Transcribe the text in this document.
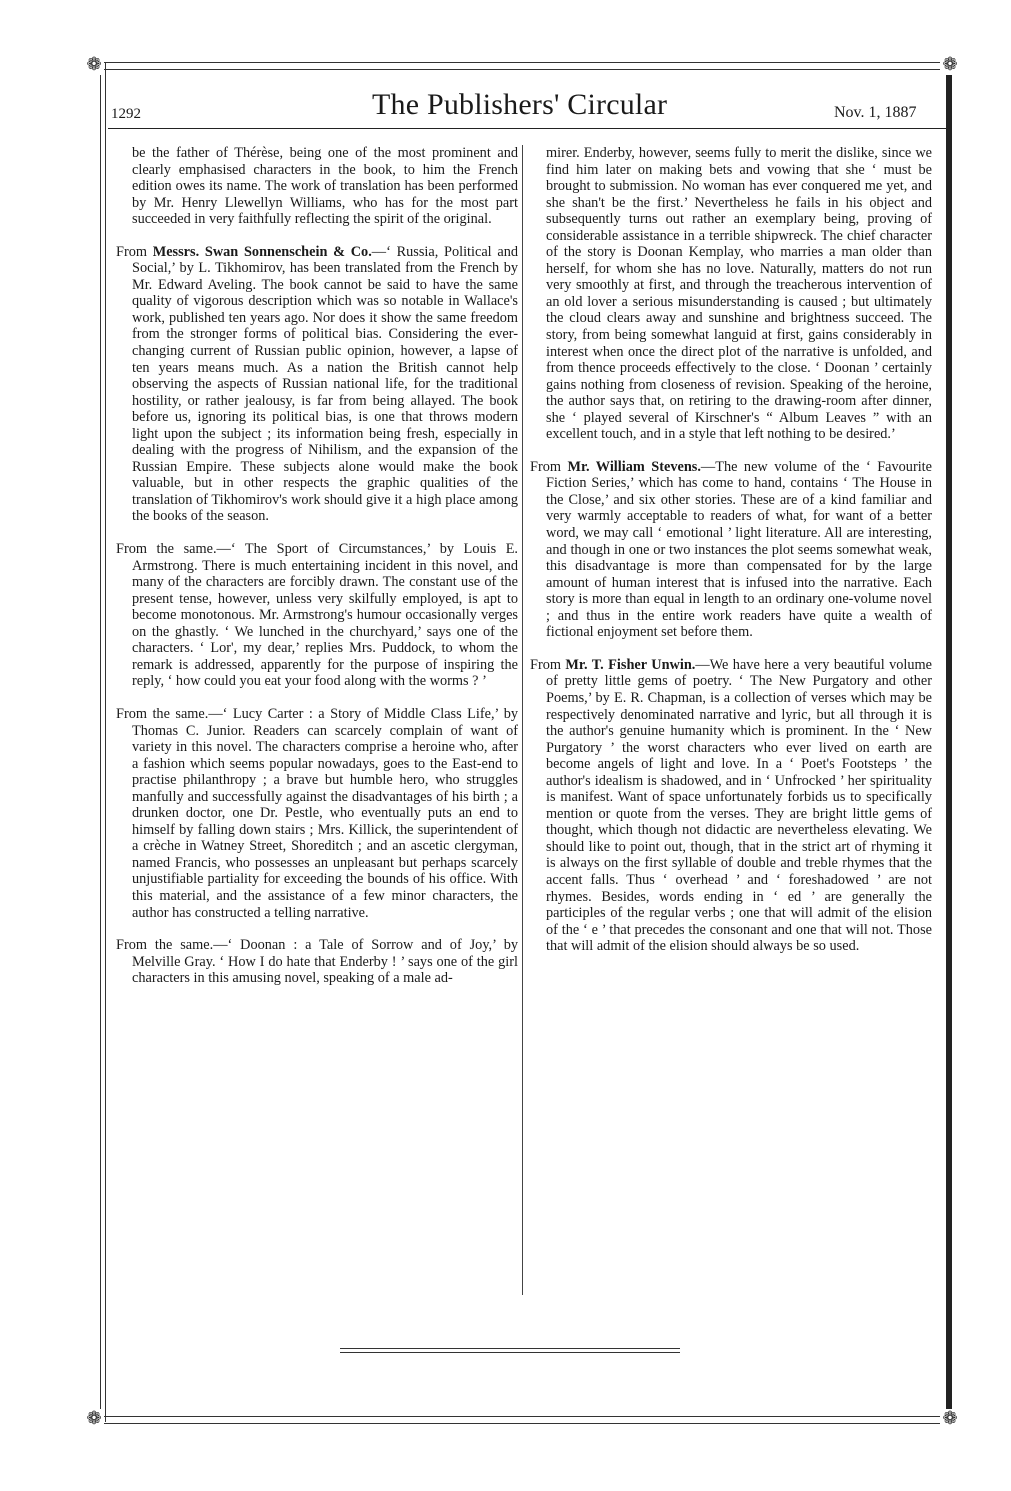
❁	❁
❁	❁
1292	The Publishers' Circular	Nov. 1, 1887

be the father of Thérèse, being one of the most prominent and clearly emphasised characters in the book, to him the French edition owes its name. The work of translation has been performed by Mr. Henry Llewellyn Williams, who has for the most part succeeded in very faithfully reflecting the spirit of the original.

From Messrs. Swan Sonnenschein & Co.—‘ Russia, Political and Social,’ by L. Tikhomirov, has been translated from the French by Mr. Edward Aveling. The book cannot be said to have the same quality of vigorous description which was so notable in Wallace's work, published ten years ago. Nor does it show the same freedom from the stronger forms of political bias. Considering the ever-changing current of Russian public opinion, however, a lapse of ten years means much. As a nation the British cannot help observing the aspects of Russian national life, for the traditional hostility, or rather jealousy, is far from being allayed. The book before us, ignoring its political bias, is one that throws modern light upon the subject ; its information being fresh, especially in dealing with the progress of Nihilism, and the expansion of the Russian Empire. These subjects alone would make the book valuable, but in other respects the graphic qualities of the translation of Tikhomirov's work should give it a high place among the books of the season.

From the same.—‘ The Sport of Circumstances,’ by Louis E. Armstrong. There is much entertaining incident in this novel, and many of the characters are forcibly drawn. The constant use of the present tense, however, unless very skilfully employed, is apt to become monotonous. Mr. Armstrong's humour occasionally verges on the ghastly. ‘ We lunched in the churchyard,’ says one of the characters. ‘ Lor', my dear,’ replies Mrs. Puddock, to whom the remark is addressed, apparently for the purpose of inspiring the reply, ‘ how could you eat your food along with the worms ? ’

From the same.—‘ Lucy Carter : a Story of Middle Class Life,’ by Thomas C. Junior. Readers can scarcely complain of want of variety in this novel. The characters comprise a heroine who, after a fashion which seems popular nowadays, goes to the East-end to practise philanthropy ; a brave but humble hero, who struggles manfully and successfully against the disadvantages of his birth ; a drunken doctor, one Dr. Pestle, who eventually puts an end to himself by falling down stairs ; Mrs. Killick, the superintendent of a crèche in Watney Street, Shoreditch ; and an ascetic clergyman, named Francis, who possesses an unpleasant but perhaps scarcely unjustifiable partiality for exceeding the bounds of his office. With this material, and the assistance of a few minor characters, the author has constructed a telling narrative.

From the same.—‘ Doonan : a Tale of Sorrow and of Joy,’ by Melville Gray. ‘ How I do hate that Enderby ! ’ says one of the girl characters in this amusing novel, speaking of a male ad-

mirer. Enderby, however, seems fully to merit the dislike, since we find him later on making bets and vowing that she ‘ must be brought to submission. No woman has ever conquered me yet, and she shan't be the first.’ Nevertheless he fails in his object and subsequently turns out rather an exemplary being, proving of considerable assistance in a terrible shipwreck. The chief character of the story is Doonan Kemplay, who marries a man older than herself, for whom she has no love. Naturally, matters do not run very smoothly at first, and through the treacherous intervention of an old lover a serious misunderstanding is caused ; but ultimately the cloud clears away and sunshine and brightness succeed. The story, from being somewhat languid at first, gains considerably in interest when once the direct plot of the narrative is unfolded, and from thence proceeds effectively to the close. ‘ Doonan ’ certainly gains nothing from closeness of revision. Speaking of the heroine, the author says that, on retiring to the drawing-room after dinner, she ‘ played several of Kirschner's “ Album Leaves ” with an excellent touch, and in a style that left nothing to be desired.’

From Mr. William Stevens.—The new volume of the ‘ Favourite Fiction Series,’ which has come to hand, contains ‘ The House in the Close,’ and six other stories. These are of a kind familiar and very warmly acceptable to readers of what, for want of a better word, we may call ‘ emotional ’ light literature. All are interesting, and though in one or two instances the plot seems somewhat weak, this disadvantage is more than compensated for by the large amount of human interest that is infused into the narrative. Each story is more than equal in length to an ordinary one-volume novel ; and thus in the entire work readers have quite a wealth of fictional enjoyment set before them.

From Mr. T. Fisher Unwin.—We have here a very beautiful volume of pretty little gems of poetry. ‘ The New Purgatory and other Poems,’ by E. R. Chapman, is a collection of verses which may be respectively denominated narrative and lyric, but all through it is the author's genuine humanity which is prominent. In the ‘ New Purgatory ’ the worst characters who ever lived on earth are become angels of light and love. In a ‘ Poet's Footsteps ’ the author's idealism is shadowed, and in ‘ Unfrocked ’ her spirituality is manifest. Want of space unfortunately forbids us to specifically mention or quote from the verses. They are bright little gems of thought, which though not didactic are nevertheless elevating. We should like to point out, though, that in the strict art of rhyming it is always on the first syllable of double and treble rhymes that the accent falls. Thus ‘ overhead ’ and ‘ foreshadowed ’ are not rhymes. Besides, words ending in ‘ ed ’ are generally the participles of the regular verbs ; one that will admit of the elision of the ‘ e ’ that precedes the consonant and one that will not. Those that will admit of the elision should always be so used.
